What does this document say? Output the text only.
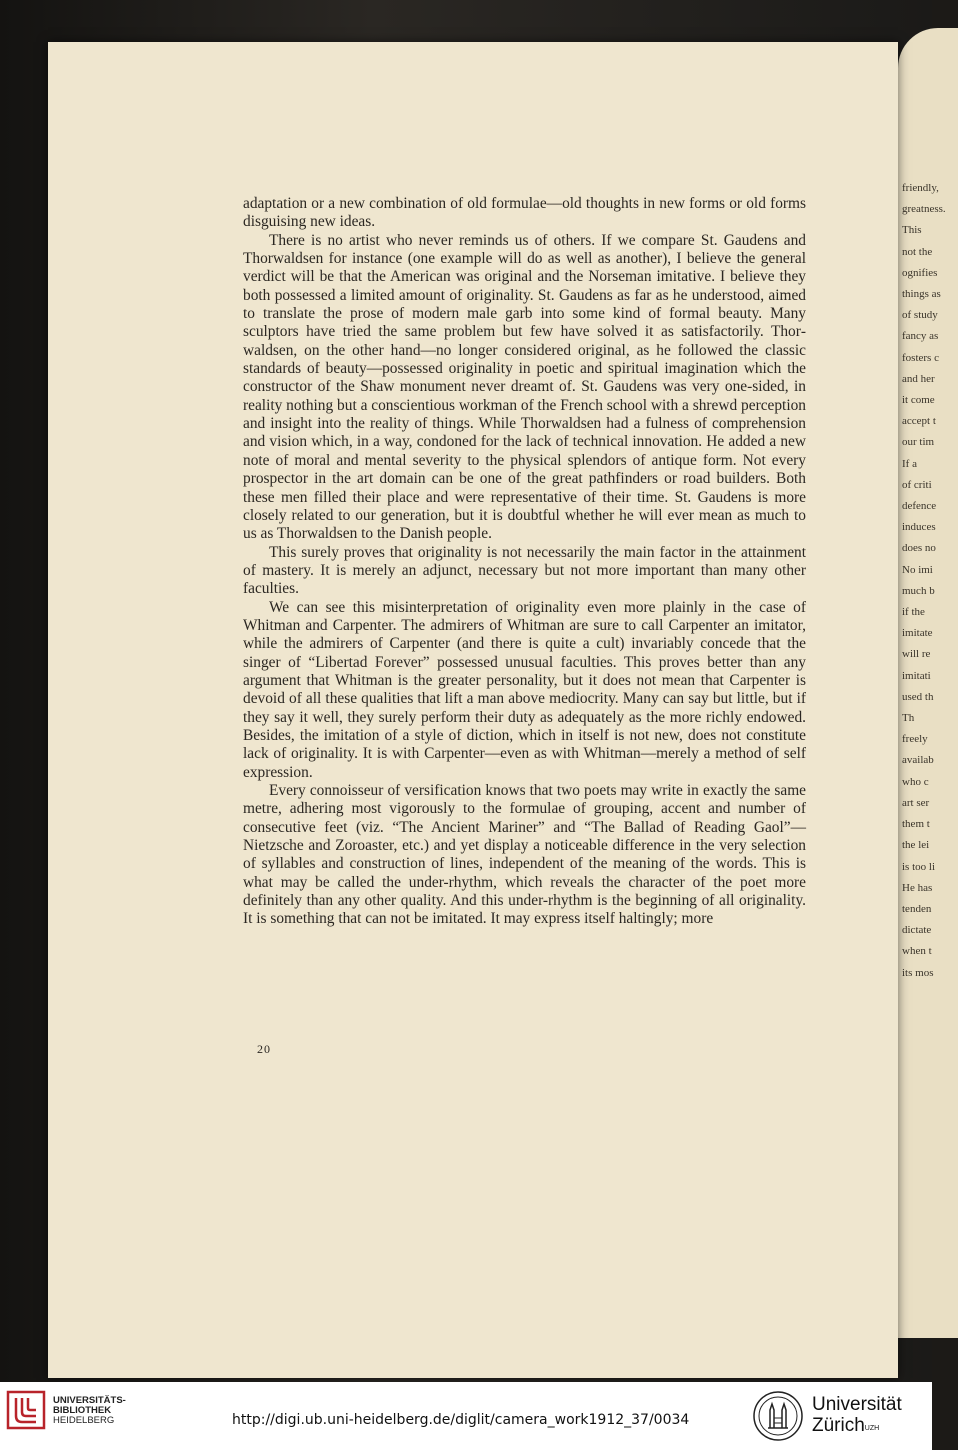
friendly,
greatness.
This
not the
ognifies
things as
of study
fancy as
fosters c
and her
it come
accept t
our tim
If a
of criti
defence
induces
does no
No imi
much b
if the
imitate
will re
imitati
used th
Th
freely
availab
who c
art ser
them t
the lei
is too li
He has
tenden
dictate
when t
its mos

adaptation or a new combination of old formulae—old thoughts in new forms or old forms disguising new ideas.

There is no artist who never reminds us of others. If we compare St. Gaudens and Thorwaldsen for instance (one example will do as well as another), I believe the general verdict will be that the American was original and the Norseman imitative. I believe they both possessed a limited amount of originality. St. Gaudens as far as he understood, aimed to translate the prose of modern male garb into some kind of formal beauty. Many sculptors have tried the same problem but few have solved it as satisfactorily. Thorwaldsen, on the other hand—no longer considered original, as he followed the classic standards of beauty—possessed originality in poetic and spiritual imagination which the constructor of the Shaw monument never dreamt of. St. Gaudens was very one-sided, in reality nothing but a conscientious workman of the French school with a shrewd perception and insight into the reality of things. While Thorwaldsen had a fulness of comprehension and vision which, in a way, condoned for the lack of technical innovation. He added a new note of moral and mental severity to the physical splendors of antique form. Not every prospector in the art domain can be one of the great pathfinders or road builders. Both these men filled their place and were representative of their time. St. Gaudens is more closely related to our generation, but it is doubtful whether he will ever mean as much to us as Thorwaldsen to the Danish people.

This surely proves that originality is not necessarily the main factor in the attainment of mastery. It is merely an adjunct, necessary but not more important than many other faculties.

We can see this misinterpretation of originality even more plainly in the case of Whitman and Carpenter. The admirers of Whitman are sure to call Carpenter an imitator, while the admirers of Carpenter (and there is quite a cult) invariably concede that the singer of “Libertad Forever” possessed unusual faculties. This proves better than any argument that Whitman is the greater personality, but it does not mean that Carpenter is devoid of all these qualities that lift a man above mediocrity. Many can say but little, but if they say it well, they surely perform their duty as adequately as the more richly endowed. Besides, the imitation of a style of diction, which in itself is not new, does not constitute lack of originality. It is with Carpenter—even as with Whitman—merely a method of self expression.

Every connoisseur of versification knows that two poets may write in exactly the same metre, adhering most vigorously to the formulae of grouping, accent and number of consecutive feet (viz. “The Ancient Mariner” and “The Ballad of Reading Gaol”—Nietzsche and Zoroaster, etc.) and yet display a noticeable difference in the very selection of syllables and construction of lines, independent of the meaning of the words. This is what may be called the under-rhythm, which reveals the character of the poet more definitely than any other quality. And this under-rhythm is the beginning of all originality. It is something that can not be imitated. It may express itself haltingly; more

20
UNIVERSITÄTS-
BIBLIOTHEK
HEIDELBERG	http://digi.ub.uni-heidelberg.de/diglit/camera_work1912_37/0034
Universität
Zürich$^{UZH}$
